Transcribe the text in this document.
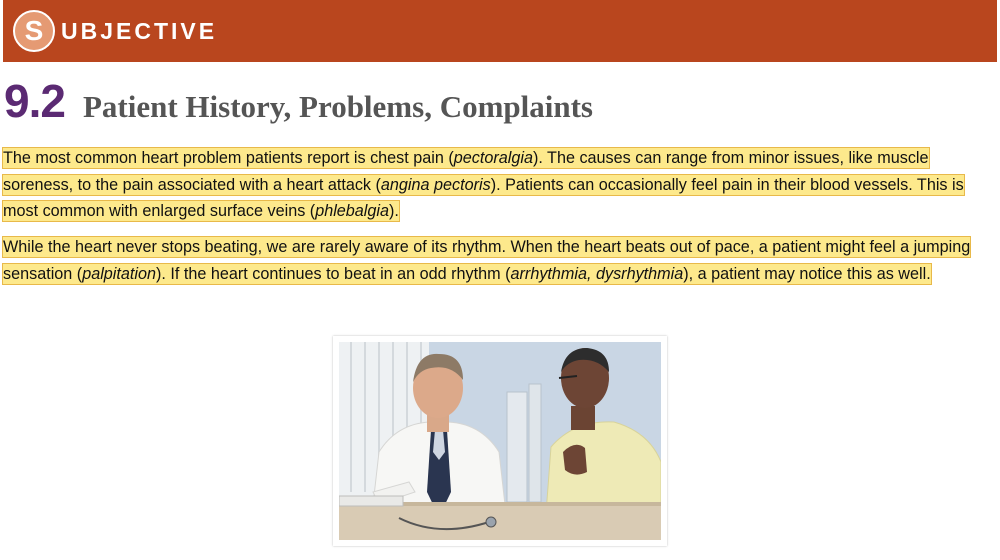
S UBJECTIVE
9.2 Patient History, Problems, Complaints

The most common heart problem patients report is chest pain (pectoralgia). The causes can range from minor issues, like muscle soreness, to the pain associated with a heart attack (angina pectoris). Patients can occasionally feel pain in their blood vessels. This is most common with enlarged surface veins (phlebalgia).

While the heart never stops beating, we are rarely aware of its rhythm. When the heart beats out of pace, a patient might feel a jumping sensation (palpitation). If the heart continues to beat in an odd rhythm (arrhythmia, dysrhythmia), a patient may notice this as well.
